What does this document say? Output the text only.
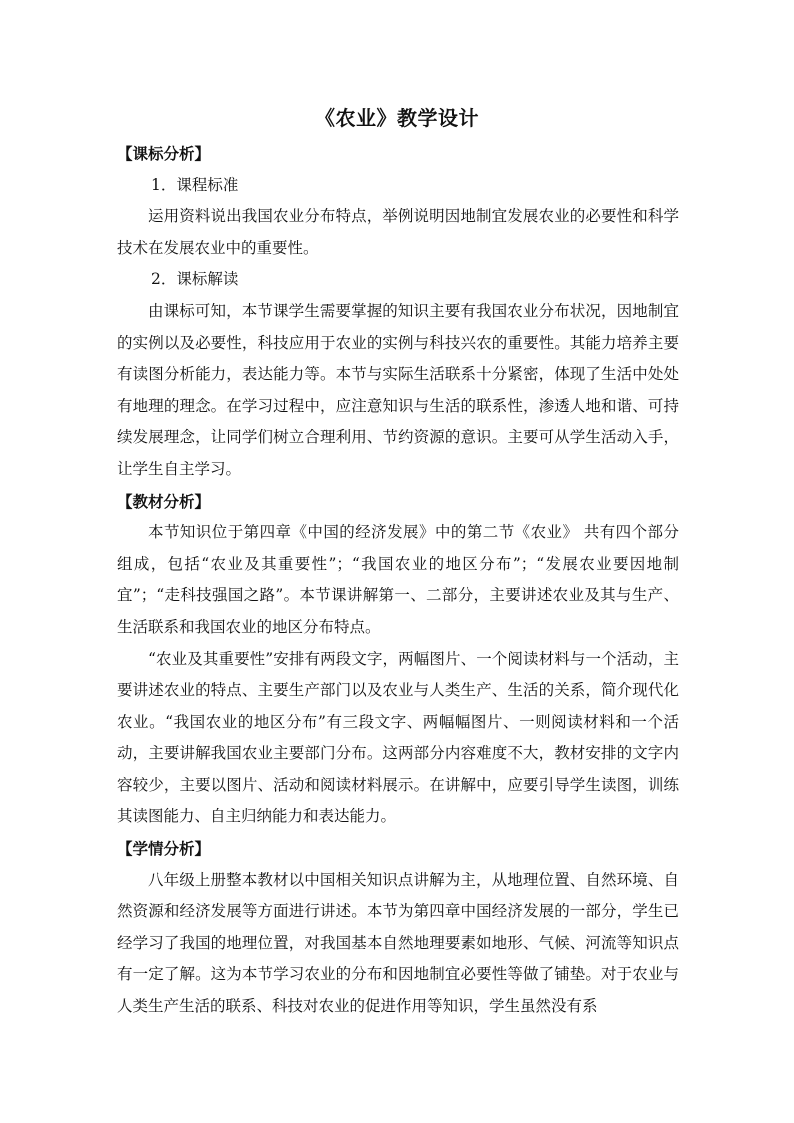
《农业》教学设计

【课标分析】

1．课程标准

运用资料说出我国农业分布特点，举例说明因地制宜发展农业的必要性和科学技术在发展农业中的重要性。

2．课标解读

由课标可知，本节课学生需要掌握的知识主要有我国农业分布状况，因地制宜的实例以及必要性，科技应用于农业的实例与科技兴农的重要性。其能力培养主要有读图分析能力，表达能力等。本节与实际生活联系十分紧密，体现了生活中处处有地理的理念。在学习过程中，应注意知识与生活的联系性，渗透人地和谐、可持续发展理念，让同学们树立合理利用、节约资源的意识。主要可从学生活动入手，让学生自主学习。

【教材分析】

本节知识位于第四章《中国的经济发展》中的第二节《农业》 共有四个部分组成，包括“农业及其重要性”；“我国农业的地区分布”；“发展农业要因地制宜”；“走科技强国之路”。本节课讲解第一、二部分，主要讲述农业及其与生产、生活联系和我国农业的地区分布特点。

“农业及其重要性”安排有两段文字，两幅图片、一个阅读材料与一个活动，主要讲述农业的特点、主要生产部门以及农业与人类生产、生活的关系，简介现代化农业。“我国农业的地区分布”有三段文字、两幅幅图片、一则阅读材料和一个活动，主要讲解我国农业主要部门分布。这两部分内容难度不大，教材安排的文字内容较少，主要以图片、活动和阅读材料展示。在讲解中，应要引导学生读图，训练其读图能力、自主归纳能力和表达能力。

【学情分析】

八年级上册整本教材以中国相关知识点讲解为主，从地理位置、自然环境、自然资源和经济发展等方面进行讲述。本节为第四章中国经济发展的一部分，学生已经学习了我国的地理位置，对我国基本自然地理要素如地形、气候、河流等知识点有一定了解。这为本节学习农业的分布和因地制宜必要性等做了铺垫。对于农业与人类生产生活的联系、科技对农业的促进作用等知识，学生虽然没有系
